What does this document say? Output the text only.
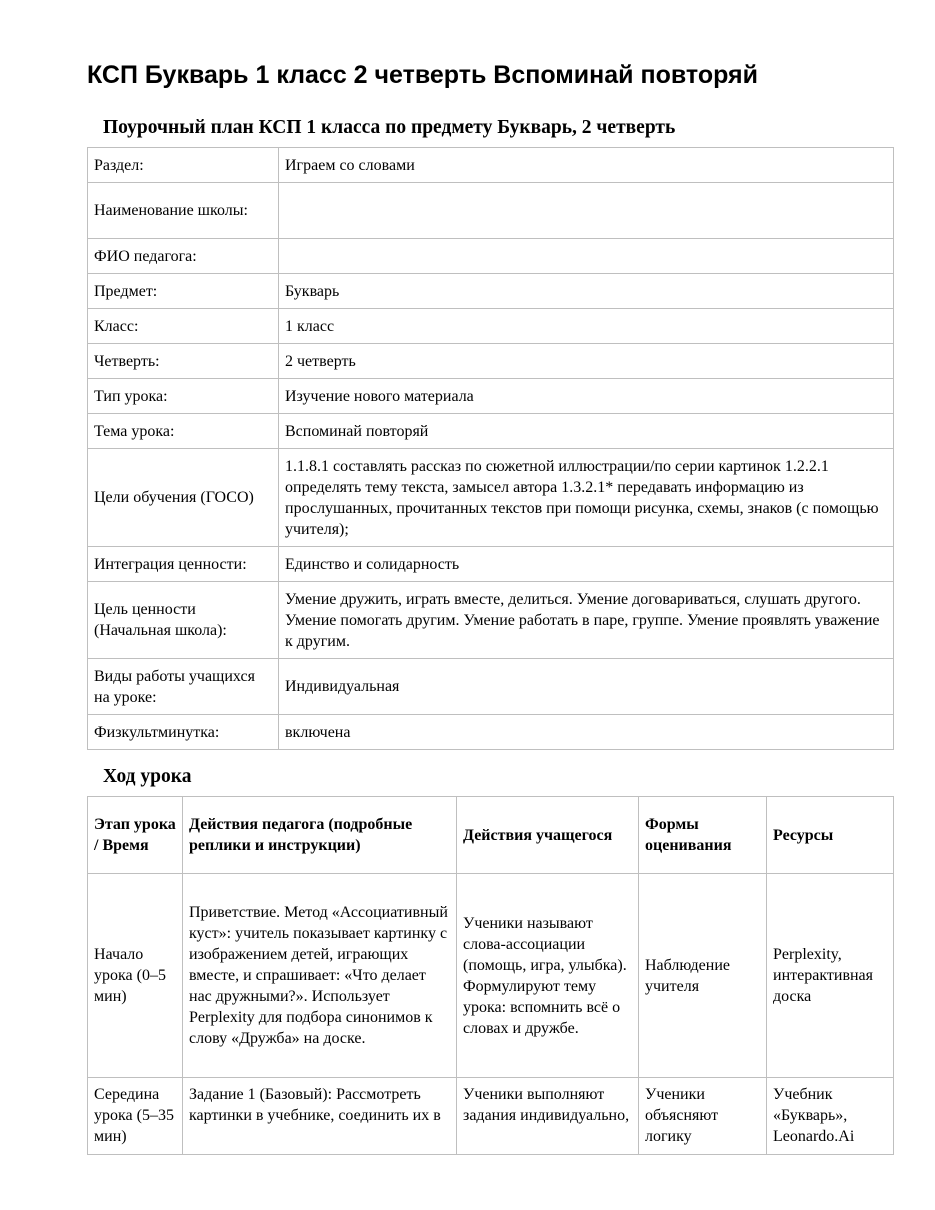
КСП Букварь 1 класс 2 четверть Вспоминай повторяй
Поурочный план КСП 1 класса по предмету Букварь, 2 четверть
Раздел:	Играем со словами
Наименование школы:	
ФИО педагога:	
Предмет:	Букварь
Класс:	1 класс
Четверть:	2 четверть
Тип урока:	Изучение нового материала
Тема урока:	Вспоминай повторяй
Цели обучения (ГОСО)	1.1.8.1 составлять рассказ по сюжетной иллюстрации/по серии картинок 1.2.2.1 определять тему текста, замысел автора 1.3.2.1* передавать информацию из прослушанных, прочитанных текстов при помощи рисунка, схемы, знаков (с помощью учителя);
Интеграция ценности:	Единство и солидарность
Цель ценности (Начальная школа):	Умение дружить, играть вместе, делиться. Умение договариваться, слушать другого. Умение помогать другим. Умение работать в паре, группе. Умение проявлять уважение к другим.
Виды работы учащихся на уроке:	Индивидуальная
Физкультминутка:	включена
Ход урока
Этап урока / Время	Действия педагога (подробные реплики и инструкции)	Действия учащегося	Формы оценивания	Ресурсы
Начало урока (0–5 мин)	Приветствие. Метод «Ассоциативный куст»: учитель показывает картинку с изображением детей, играющих вместе, и спрашивает: «Что делает нас дружными?». Использует Perplexity для подбора синонимов к слову «Дружба» на доске.	Ученики называют слова-ассоциации (помощь, игра, улыбка). Формулируют тему урока: вспомнить всё о словах и дружбе.	Наблюдение учителя	Perplexity, интерактивная доска
Середина урока (5–35 мин)	Задание 1 (Базовый): Рассмотреть картинки в учебнике, соединить их в	Ученики выполняют задания индивидуально,	Ученики объясняют логику	Учебник «Букварь», Leonardo.Ai
